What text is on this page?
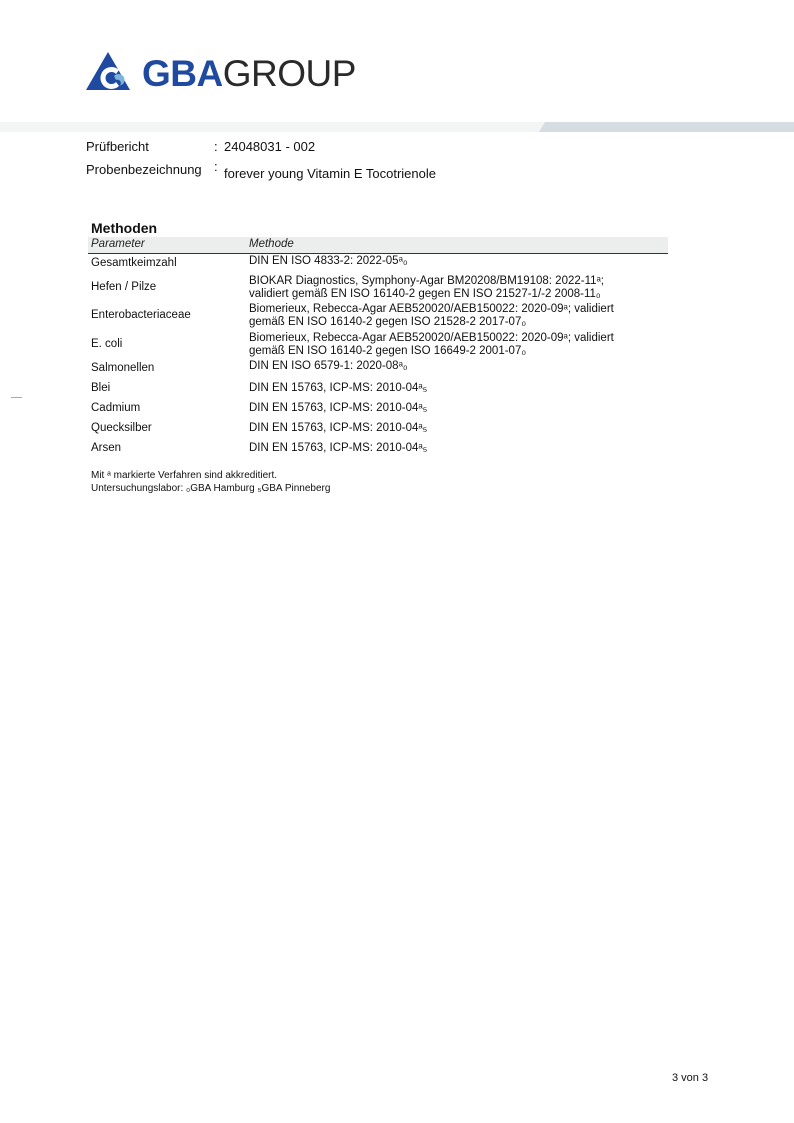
GBAGROUP
Prüfbericht	: 24048031 - 002
Probenbezeichnung : forever young Vitamin E Tocotrienole
Methoden
Parameter	Methode
Gesamtkeimzahl	DIN EN ISO 4833-2: 2022-05ᵃ₀
Hefen / Pilze	BIOKAR Diagnostics, Symphony-Agar BM20208/BM19108: 2022-11ᵃ;
validiert gemäß EN ISO 16140-2 gegen EN ISO 21527-1/-2 2008-11₀
Enterobacteriaceae	Biomerieux, Rebecca-Agar AEB520020/AEB150022: 2020-09ᵃ; validiert
gemäß EN ISO 16140-2 gegen ISO 21528-2 2017-07₀
E. coli	Biomerieux, Rebecca-Agar AEB520020/AEB150022: 2020-09ᵃ; validiert
gemäß EN ISO 16140-2 gegen ISO 16649-2 2001-07₀
Salmonellen	DIN EN ISO 6579-1: 2020-08ᵃ₀
Blei	DIN EN 15763, ICP-MS: 2010-04ᵃ₅
Cadmium	DIN EN 15763, ICP-MS: 2010-04ᵃ₅
Quecksilber	DIN EN 15763, ICP-MS: 2010-04ᵃ₅
Arsen	DIN EN 15763, ICP-MS: 2010-04ᵃ₅
Mit ᵃ markierte Verfahren sind akkreditiert.
Untersuchungslabor: ₀GBA Hamburg ₅GBA Pinneberg
3 von 3
